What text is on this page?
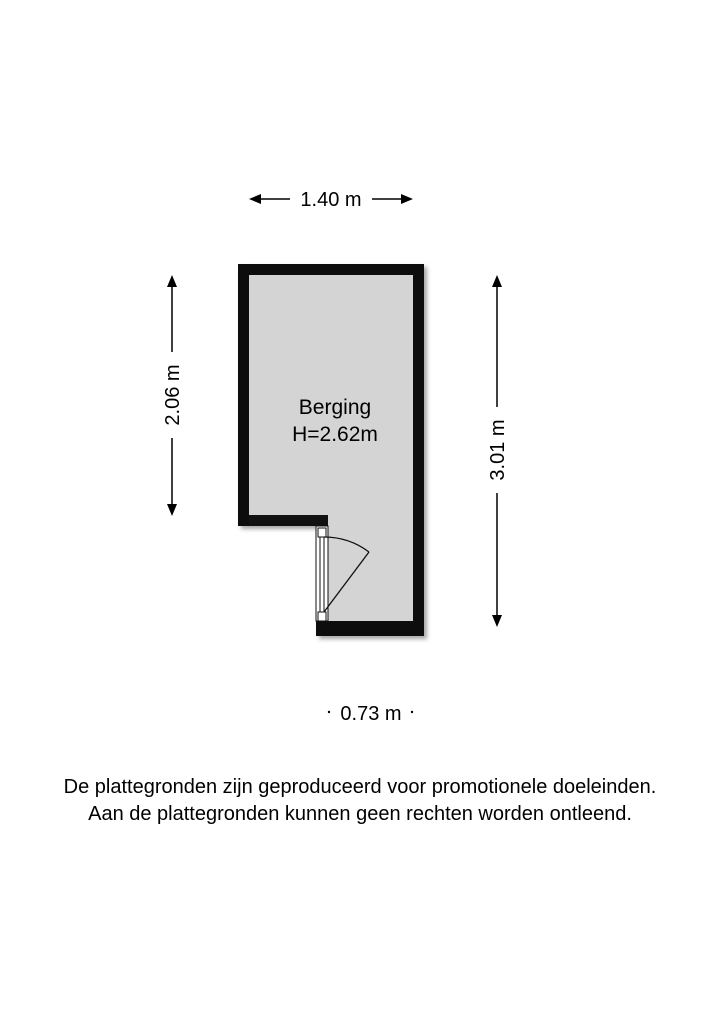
1.40 m
2.06 m
3.01 m
Berging
H=2.62m
0.73 m
De plattegronden zijn geproduceerd voor promotionele doeleinden.
Aan de plattegronden kunnen geen rechten worden ontleend.
